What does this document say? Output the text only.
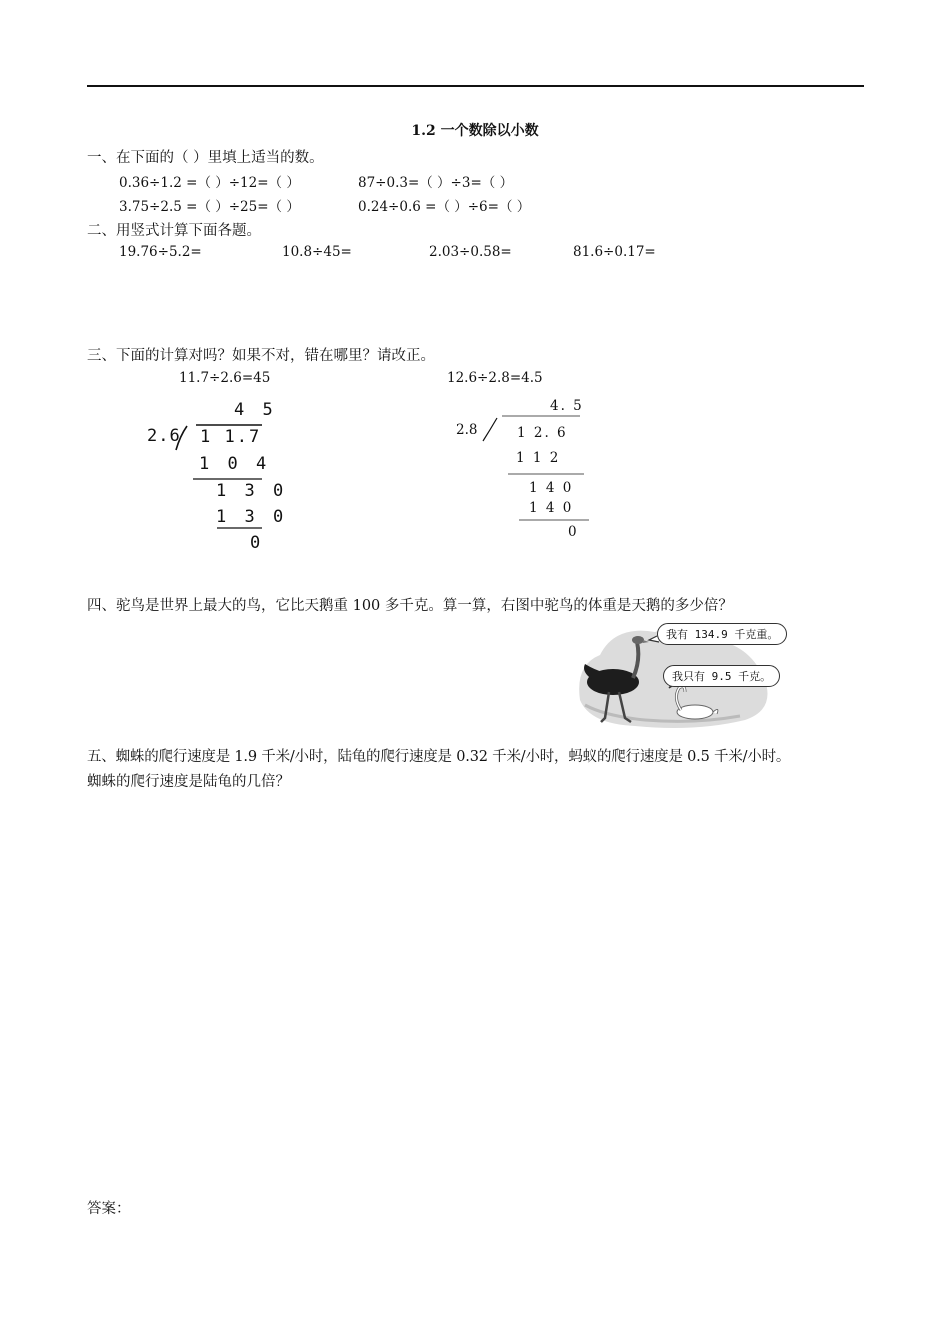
1.2 一个数除以小数
一、在下面的（ ）里填上适当的数。
0.36÷1.2 =（ ）÷12=（ ）	87÷0.3=（ ）÷3=（ ）
3.75÷2.5 =（ ）÷25=（ ）	0.24÷0.6 =（ ）÷6=（ ）
二、用竖式计算下面各题。
19.76÷5.2=	10.8÷45=	2.03÷0.58=	81.6÷0.17=
三、下面的计算对吗？如果不对，错在哪里？请改正。
11.7÷2.6=45	12.6÷2.8=4.5
4 5
2.6 1 1.7
1 0 4
1 3 0
1 3 0
0
4. 5
2.8	1 2. 6
1 1 2
1 4 0
1 4 0
0
四、驼鸟是世界上最大的鸟，它比天鹅重 100 多千克。算一算，右图中驼鸟的体重是天鹅的多少倍？
我有 134.9 千克重。
我只有 9.5 千克。
五、蜘蛛的爬行速度是 1.9 千米/小时，陆龟的爬行速度是 0.32 千米/小时，蚂蚁的爬行速度是 0.5 千米/小时。
蜘蛛的爬行速度是陆龟的几倍？
答案：
